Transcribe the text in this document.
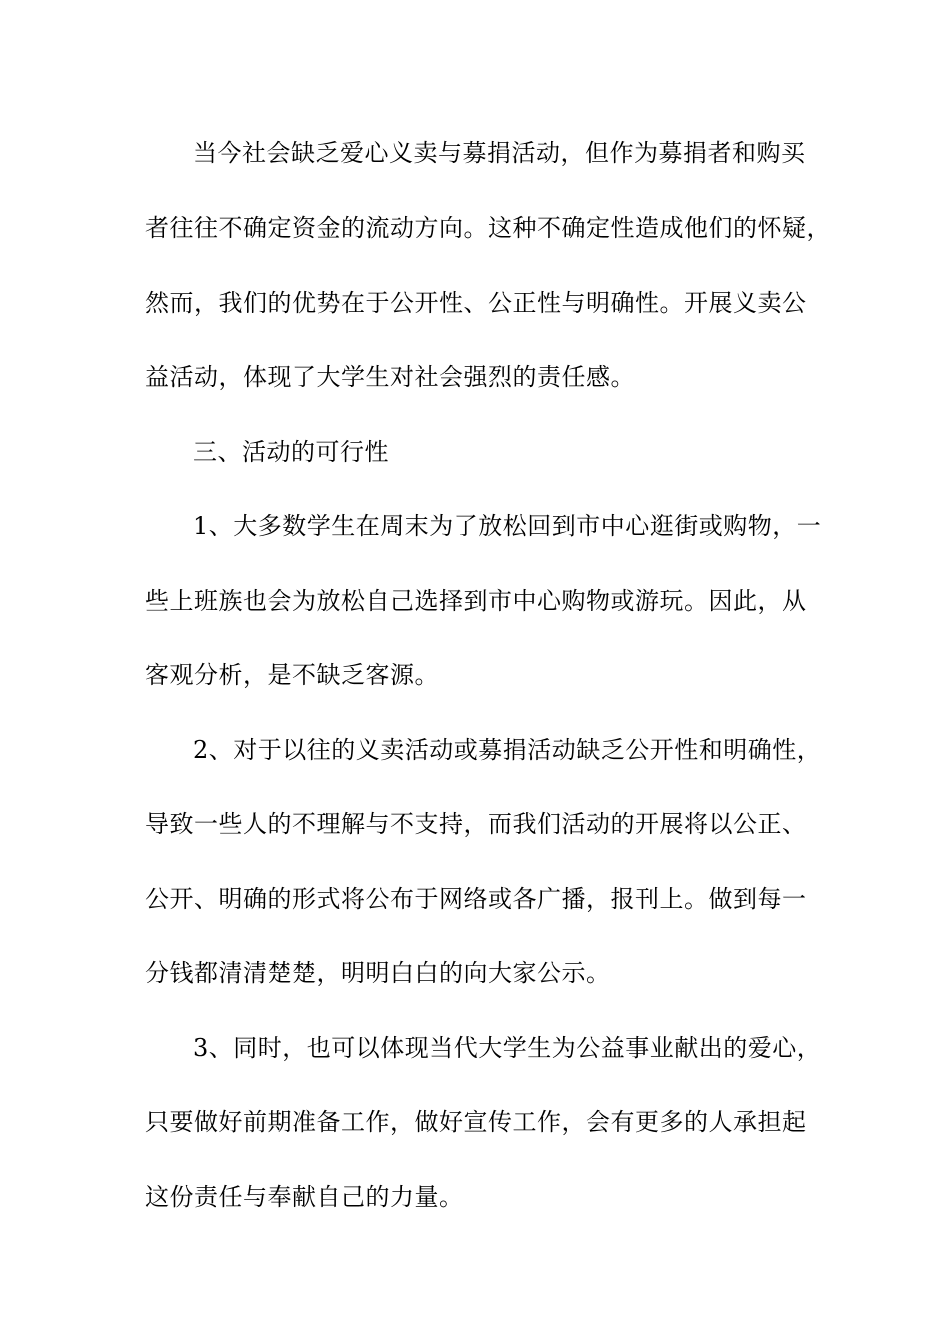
当今社会缺乏爱心义卖与募捐活动，但作为募捐者和购买
者往往不确定资金的流动方向。这种不确定性造成他们的怀疑，
然而，我们的优势在于公开性、公正性与明确性。开展义卖公
益活动，体现了大学生对社会强烈的责任感。
三、活动的可行性
1、大多数学生在周末为了放松回到市中心逛街或购物，一
些上班族也会为放松自己选择到市中心购物或游玩。因此，从
客观分析，是不缺乏客源。
2、对于以往的义卖活动或募捐活动缺乏公开性和明确性，
导致一些人的不理解与不支持，而我们活动的开展将以公正、
公开、明确的形式将公布于网络或各广播，报刊上。做到每一
分钱都清清楚楚，明明白白的向大家公示。
3、同时，也可以体现当代大学生为公益事业献出的爱心，
只要做好前期准备工作，做好宣传工作，会有更多的人承担起
这份责任与奉献自己的力量。
